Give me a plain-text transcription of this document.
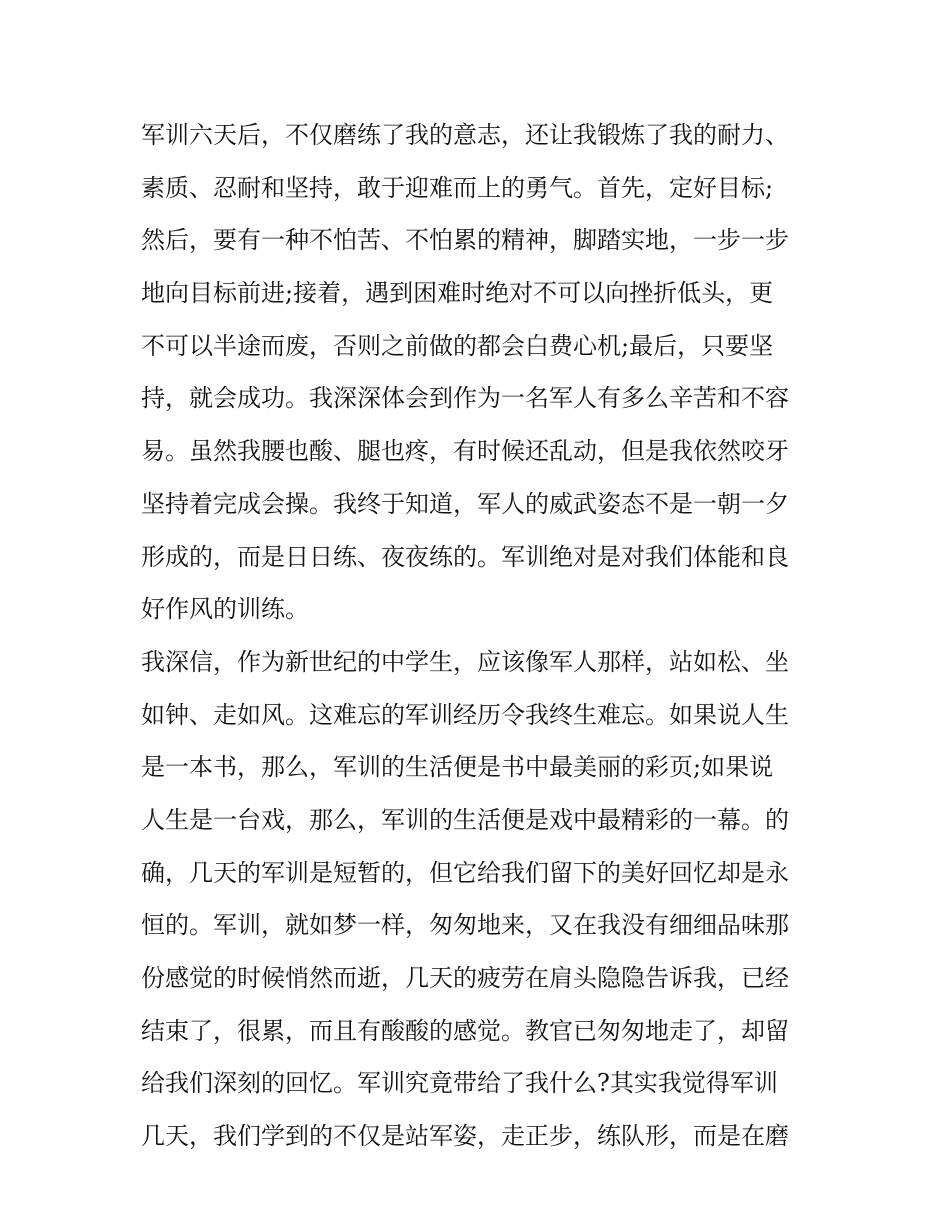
军训六天后，不仅磨练了我的意志，还让我锻炼了我的耐力、
素质、忍耐和坚持，敢于迎难而上的勇气。首先，定好目标;
然后，要有一种不怕苦、不怕累的精神，脚踏实地，一步一步
地向目标前进;接着，遇到困难时绝对不可以向挫折低头，更
不可以半途而废，否则之前做的都会白费心机;最后，只要坚
持，就会成功。我深深体会到作为一名军人有多么辛苦和不容
易。虽然我腰也酸、腿也疼，有时候还乱动，但是我依然咬牙
坚持着完成会操。我终于知道，军人的威武姿态不是一朝一夕
形成的，而是日日练、夜夜练的。军训绝对是对我们体能和良
好作风的训练。
我深信，作为新世纪的中学生，应该像军人那样，站如松、坐
如钟、走如风。这难忘的军训经历令我终生难忘。如果说人生
是一本书，那么，军训的生活便是书中最美丽的彩页;如果说
人生是一台戏，那么，军训的生活便是戏中最精彩的一幕。的
确，几天的军训是短暂的，但它给我们留下的美好回忆却是永
恒的。军训，就如梦一样，匆匆地来，又在我没有细细品味那
份感觉的时候悄然而逝，几天的疲劳在肩头隐隐告诉我，已经
结束了，很累，而且有酸酸的感觉。教官已匆匆地走了，却留
给我们深刻的回忆。军训究竟带给了我什么?其实我觉得军训
几天，我们学到的不仅是站军姿，走正步，练队形，而是在磨
